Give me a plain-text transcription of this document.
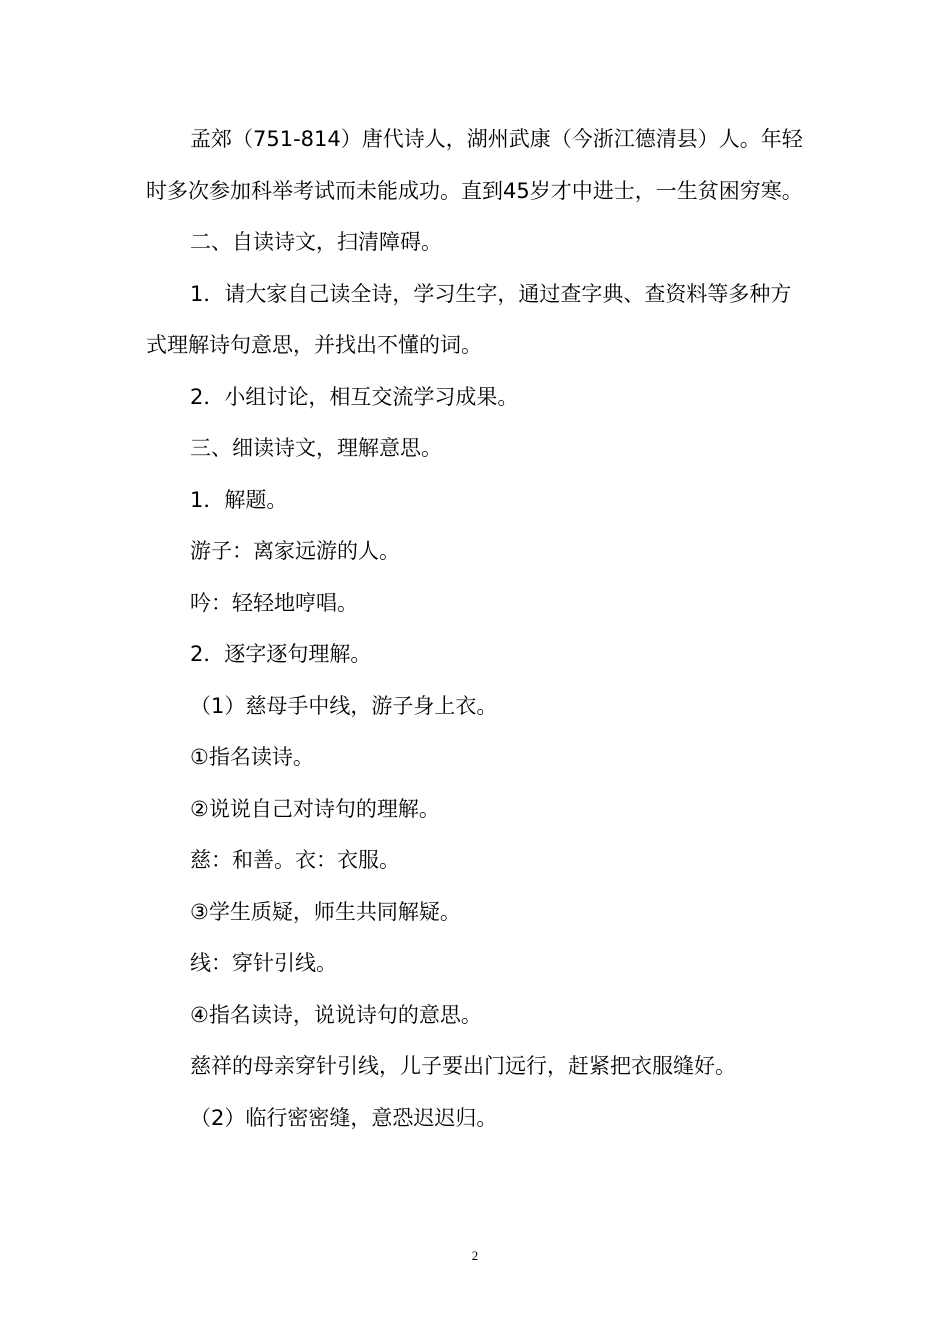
孟郊（751-814）唐代诗人，湖州武康（今浙江德清县）人。年轻时多次参加科举考试而未能成功。直到45岁才中进士，一生贫困穷寒。

二、自读诗文，扫清障碍。

1．请大家自己读全诗，学习生字，通过查字典、查资料等多种方式理解诗句意思，并找出不懂的词。

2．小组讨论，相互交流学习成果。

三、细读诗文，理解意思。

1．解题。

游子：离家远游的人。

吟：轻轻地哼唱。

2．逐字逐句理解。

（1）慈母手中线，游子身上衣。

①指名读诗。

②说说自己对诗句的理解。

慈：和善。衣：衣服。

③学生质疑，师生共同解疑。

线：穿针引线。

④指名读诗，说说诗句的意思。

慈祥的母亲穿针引线，儿子要出门远行，赶紧把衣服缝好。

（2）临行密密缝，意恐迟迟归。

2
